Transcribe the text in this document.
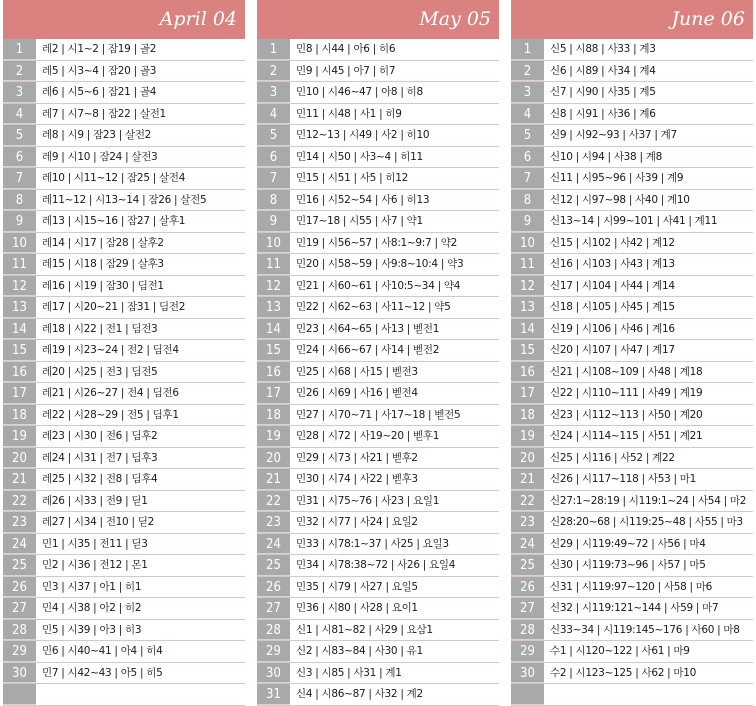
April 04
1	레2 | 시1~2 | 잠19 | 골2
2	레5 | 시3~4 | 잠20 | 골3
3	레6 | 시5~6 | 잠21 | 골4
4	레7 | 시7~8 | 잠22 | 살전1
5	레8 | 시9 | 잠23 | 살전2
6	레9 | 시10 | 잠24 | 살전3
7	레10 | 시11~12 | 잠25 | 살전4
8	레11~12 | 시13~14 | 잠26 | 살전5
9	레13 | 시15~16 | 잠27 | 살후1
10	레14 | 시17 | 잠28 | 살후2
11	레15 | 시18 | 잠29 | 살후3
12	레16 | 시19 | 잠30 | 딤전1
13	레17 | 시20~21 | 잠31 | 딤전2
14	레18 | 시22 | 전1 | 딤전3
15	레19 | 시23~24 | 전2 | 딤전4
16	레20 | 시25 | 전3 | 딤전5
17	레21 | 시26~27 | 전4 | 딤전6
18	레22 | 시28~29 | 전5 | 딤후1
19	레23 | 시30 | 전6 | 딤후2
20	레24 | 시31 | 전7 | 딤후3
21	레25 | 시32 | 전8 | 딤후4
22	레26 | 시33 | 전9 | 딛1
23	레27 | 시34 | 전10 | 딛2
24	민1 | 시35 | 전11 | 딛3
25	민2 | 시36 | 전12 | 몬1
26	민3 | 시37 | 아1 | 히1
27	민4 | 시38 | 아2 | 히2
28	민5 | 시39 | 아3 | 히3
29	민6 | 시40~41 | 아4 | 히4
30	민7 | 시42~43 | 아5 | 히5
May 05
1	민8 | 시44 | 아6 | 히6
2	민9 | 시45 | 아7 | 히7
3	민10 | 시46~47 | 아8 | 히8
4	민11 | 시48 | 사1 | 히9
5	민12~13 | 시49 | 사2 | 히10
6	민14 | 시50 | 사3~4 | 히11
7	민15 | 시51 | 사5 | 히12
8	민16 | 시52~54 | 사6 | 히13
9	민17~18 | 시55 | 사7 | 약1
10	민19 | 시56~57 | 사8:1~9:7 | 약2
11	민20 | 시58~59 | 사9:8~10:4 | 약3
12	민21 | 시60~61 | 사10:5~34 | 약4
13	민22 | 시62~63 | 사11~12 | 약5
14	민23 | 시64~65 | 사13 | 벧전1
15	민24 | 시66~67 | 사14 | 벧전2
16	민25 | 시68 | 사15 | 벧전3
17	민26 | 시69 | 사16 | 벧전4
18	민27 | 시70~71 | 사17~18 | 벧전5
19	민28 | 시72 | 사19~20 | 벧후1
20	민29 | 시73 | 사21 | 벧후2
21	민30 | 시74 | 사22 | 벧후3
22	민31 | 시75~76 | 사23 | 요일1
23	민32 | 시77 | 사24 | 요일2
24	민33 | 시78:1~37 | 사25 | 요일3
25	민34 | 시78:38~72 | 사26 | 요일4
26	민35 | 시79 | 사27 | 요일5
27	민36 | 시80 | 사28 | 요이1
28	신1 | 시81~82 | 사29 | 요삼1
29	신2 | 시83~84 | 사30 | 유1
30	신3 | 시85 | 사31 | 계1
31	신4 | 시86~87 | 사32 | 계2
June 06
1	신5 | 시88 | 사33 | 계3
2	신6 | 시89 | 사34 | 계4
3	신7 | 시90 | 사35 | 계5
4	신8 | 시91 | 사36 | 계6
5	신9 | 시92~93 | 사37 | 계7
6	신10 | 시94 | 사38 | 계8
7	신11 | 시95~96 | 사39 | 계9
8	신12 | 시97~98 | 사40 | 계10
9	신13~14 | 시99~101 | 사41 | 계11
10	신15 | 시102 | 사42 | 계12
11	신16 | 시103 | 사43 | 계13
12	신17 | 시104 | 사44 | 계14
13	신18 | 시105 | 사45 | 계15
14	신19 | 시106 | 사46 | 계16
15	신20 | 시107 | 사47 | 계17
16	신21 | 시108~109 | 사48 | 계18
17	신22 | 시110~111 | 사49 | 계19
18	신23 | 시112~113 | 사50 | 계20
19	신24 | 시114~115 | 사51 | 계21
20	신25 | 시116 | 사52 | 계22
21	신26 | 시117~118 | 사53 | 마1
22	신27:1~28:19 | 시119:1~24 | 사54 | 마2
23	신28:20~68 | 시119:25~48 | 사55 | 마3
24	신29 | 시119:49~72 | 사56 | 마4
25	신30 | 시119:73~96 | 사57 | 마5
26	신31 | 시119:97~120 | 사58 | 마6
27	신32 | 시119:121~144 | 사59 | 마7
28	신33~34 | 시119:145~176 | 사60 | 마8
29	수1 | 시120~122 | 사61 | 마9
30	수2 | 시123~125 | 사62 | 마10
